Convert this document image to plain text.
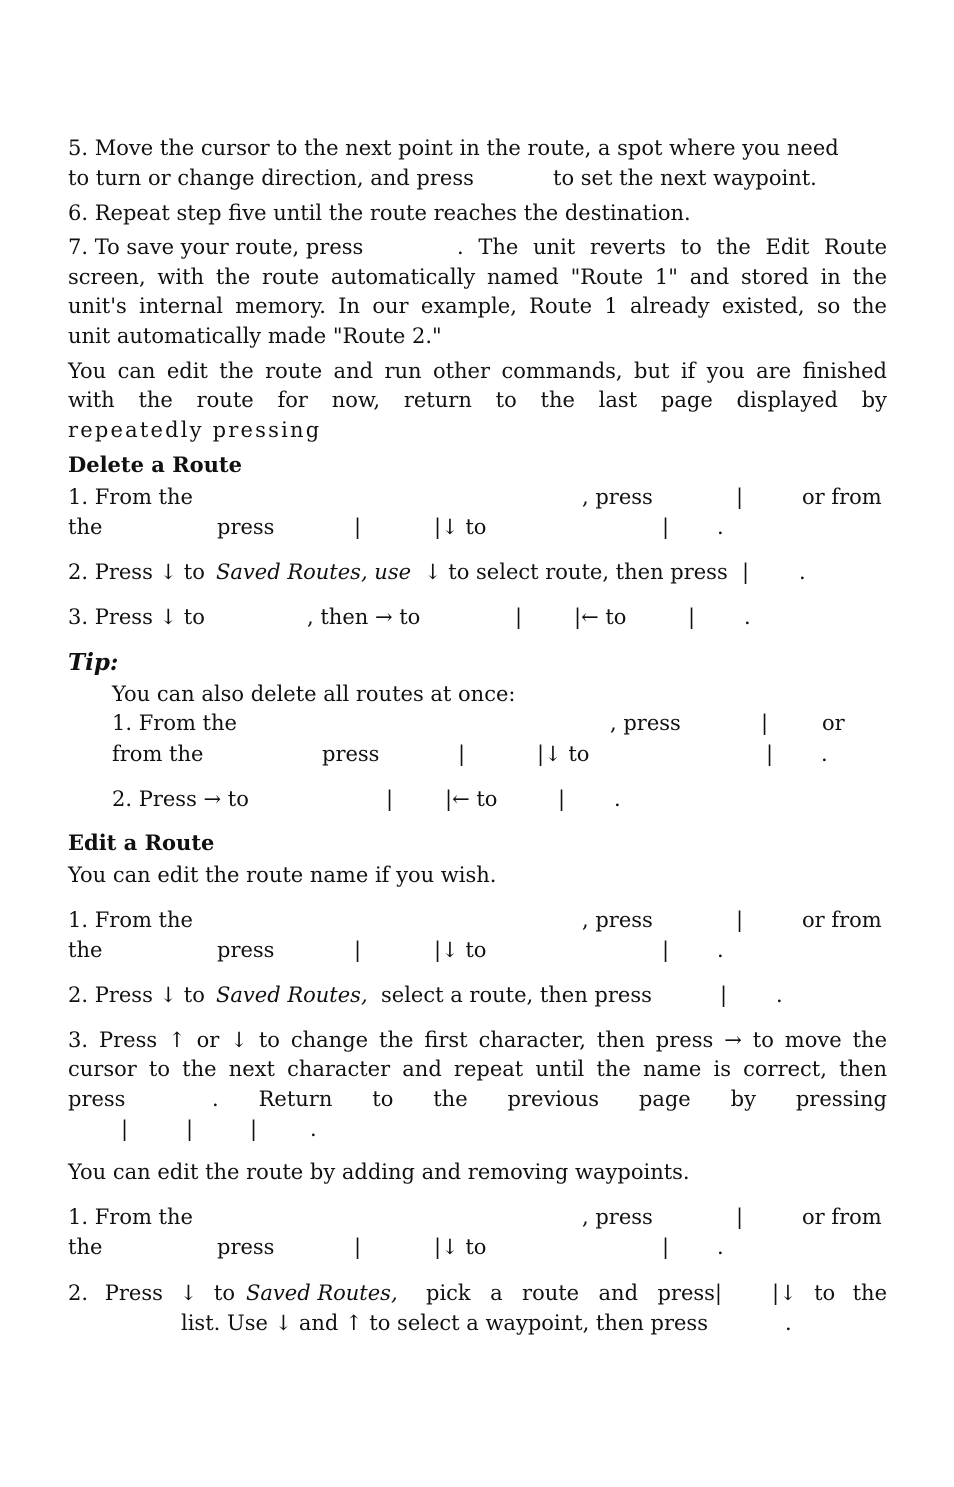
5. Move the cursor to the next point in the route, a spot where you need
to turn or change direction, and press	to set the next waypoint.
6. Repeat step five until the route reaches the destination.
7. To save your route, press	. The unit reverts to the Edit Route
screen, with the route automatically named "Route 1" and stored in the
unit's internal memory. In our example, Route 1 already existed, so the
unit automatically made "Route 2."
You can edit the route and run other commands, but if you are finished
with the route for now, return to the last page displayed by
repeatedly pressing
Delete a Route
1. From the	, press	|	or from
the	press	|	|↓ to	| .
2. Press ↓ to Saved Routes, use ↓ to select route, then press | .
3. Press ↓ to	, then → to	| |← to	| .
Tip:
You can also delete all routes at once:
1. From the	, press	|	or
from the	press	|	|↓ to	| .
2. Press → to	| |← to	| .
Edit a Route
You can edit the route name if you wish.
1. From the	, press	|	or from
the	press	|	|↓ to	| .
2. Press ↓ to Saved Routes, select a route, then press	| .
3. Press ↑ or ↓ to change the first character, then press → to move the
cursor to the next character and repeat until the name is correct, then
press	. Return to the previous page by pressing
|	|	|	.
You can edit the route by adding and removing waypoints.
1. From the	, press	|	or from
the	press	|	|↓ to	| .
2. Press ↓ to Saved Routes, pick a route and press| |↓ to the
list. Use ↓ and ↑ to select a waypoint, then press	.
